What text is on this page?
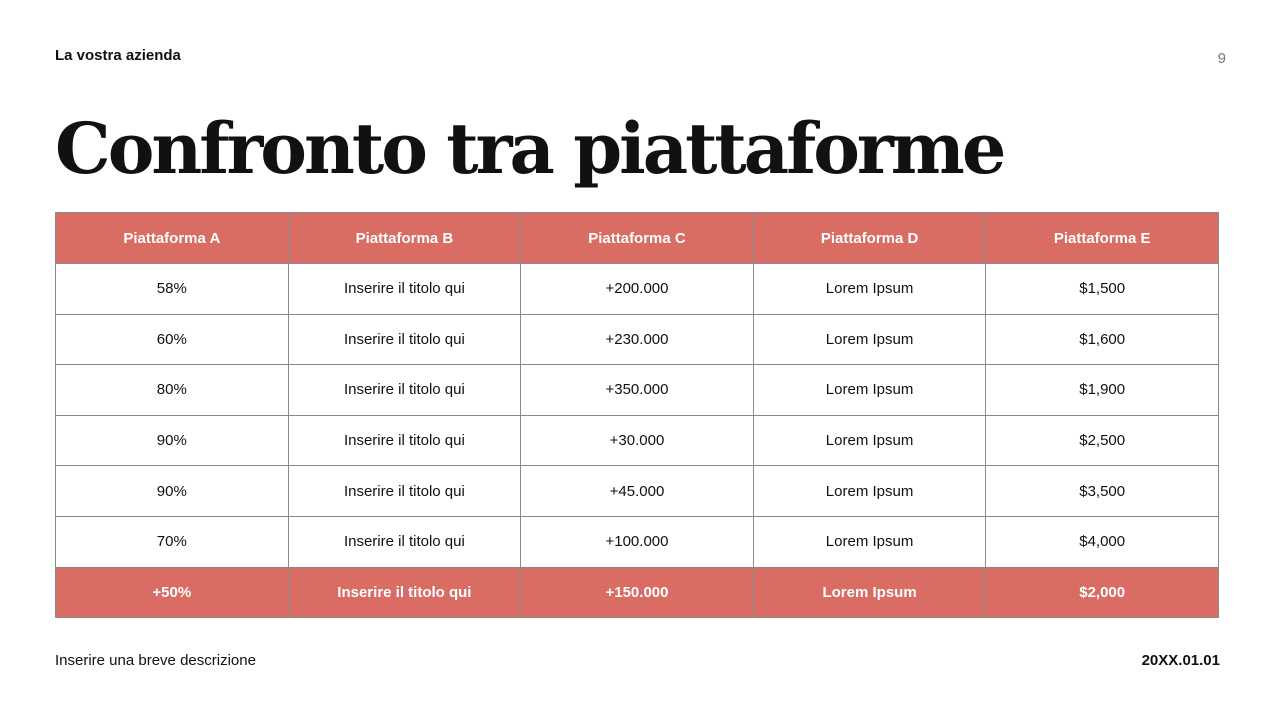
La vostra azienda	9
Confronto tra piattaforme
Piattaforma A	Piattaforma B	Piattaforma C	Piattaforma D	Piattaforma E
58%	Inserire il titolo qui	+200.000	Lorem Ipsum	$1,500
60%	Inserire il titolo qui	+230.000	Lorem Ipsum	$1,600
80%	Inserire il titolo qui	+350.000	Lorem Ipsum	$1,900
90%	Inserire il titolo qui	+30.000	Lorem Ipsum	$2,500
90%	Inserire il titolo qui	+45.000	Lorem Ipsum	$3,500
70%	Inserire il titolo qui	+100.000	Lorem Ipsum	$4,000
+50%	Inserire il titolo qui	+150.000	Lorem Ipsum	$2,000
Inserire una breve descrizione	20XX.01.01
